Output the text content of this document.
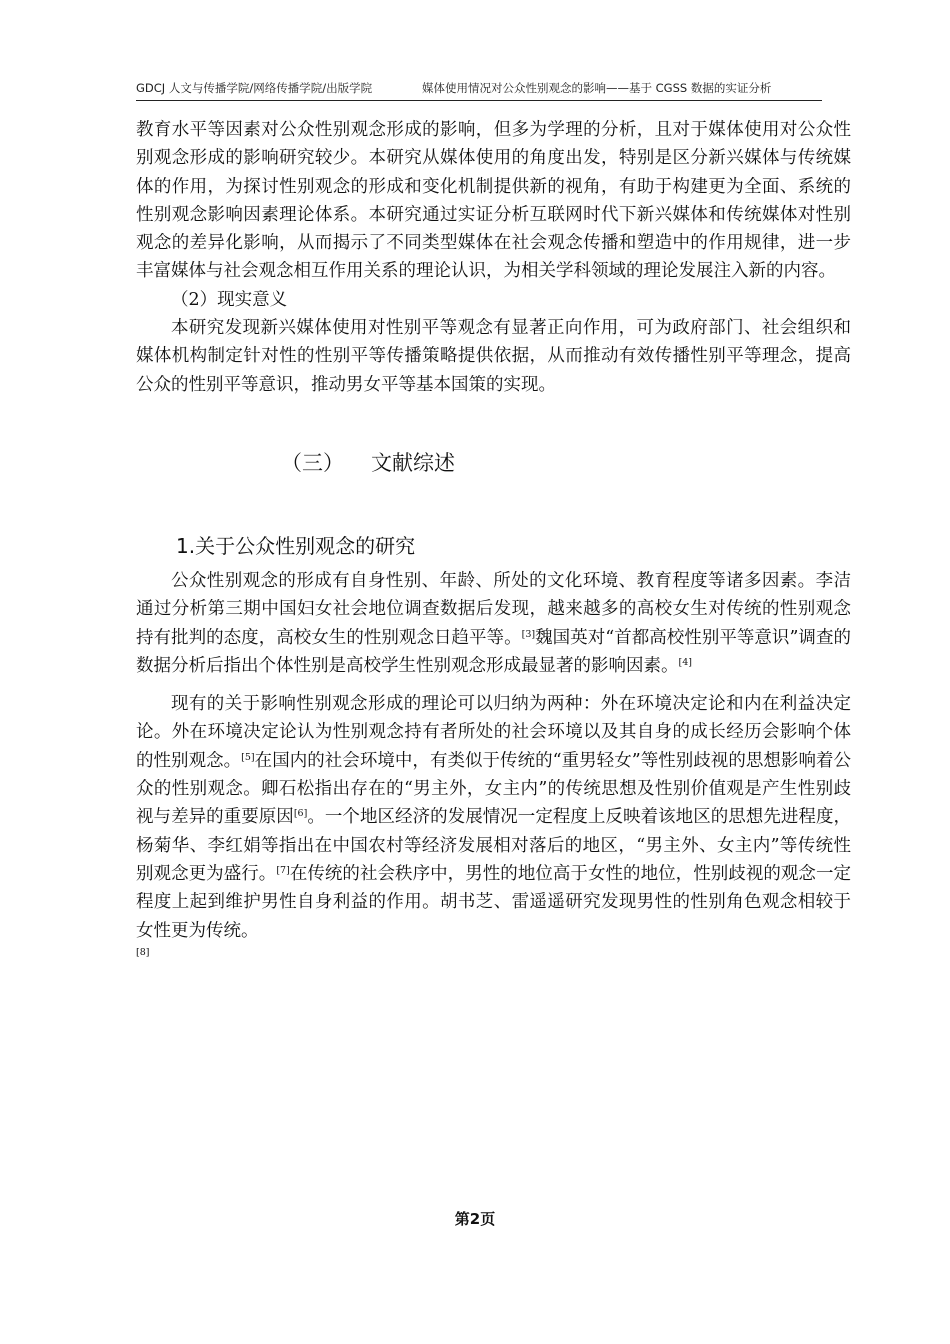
GDCJ 人文与传播学院/网络传播学院/出版学院	媒体使用情况对公众性别观念的影响——基于 CGSS 数据的实证分析

教育水平等因素对公众性别观念形成的影响，但多为学理的分析，且对于媒体使用对公众性别观念形成的影响研究较少。本研究从媒体使用的角度出发，特别是区分新兴媒体与传统媒体的作用，为探讨性别观念的形成和变化机制提供新的视角，有助于构建更为全面、系统的性别观念影响因素理论体系。本研究通过实证分析互联网时代下新兴媒体和传统媒体对性别观念的差异化影响，从而揭示了不同类型媒体在社会观念传播和塑造中的作用规律，进一步丰富媒体与社会观念相互作用关系的理论认识，为相关学科领域的理论发展注入新的内容。

（2）现实意义

本研究发现新兴媒体使用对性别平等观念有显著正向作用，可为政府部门、社会组织和媒体机构制定针对性的性别平等传播策略提供依据，从而推动有效传播性别平等理念，提高公众的性别平等意识，推动男女平等基本国策的实现。

（三） 文献综述
1.关于公众性别观念的研究

公众性别观念的形成有自身性别、年龄、所处的文化环境、教育程度等诸多因素。李洁通过分析第三期中国妇女社会地位调查数据后发现，越来越多的高校女生对传统的性别观念持有批判的态度，高校女生的性别观念日趋平等。[3]魏国英对“首都高校性别平等意识”调查的数据分析后指出个体性别是高校学生性别观念形成最显著的影响因素。[4]

现有的关于影响性别观念形成的理论可以归纳为两种：外在环境决定论和内在利益决定论。外在环境决定论认为性别观念持有者所处的社会环境以及其自身的成长经历会影响个体的性别观念。[5]在国内的社会环境中，有类似于传统的“重男轻女”等性别歧视的思想影响着公众的性别观念。卿石松指出存在的“男主外，女主内”的传统思想及性别价值观是产生性别歧视与差异的重要原因[6]。一个地区经济的发展情况一定程度上反映着该地区的思想先进程度，杨菊华、李红娟等指出在中国农村等经济发展相对落后的地区，“男主外、女主内”等传统性别观念更为盛行。[7]在传统的社会秩序中，男性的地位高于女性的地位，性别歧视的观念一定程度上起到维护男性自身利益的作用。胡书芝、雷遥遥研究发现男性的性别角色观念相较于女性更为传统。

[8]
第2页
